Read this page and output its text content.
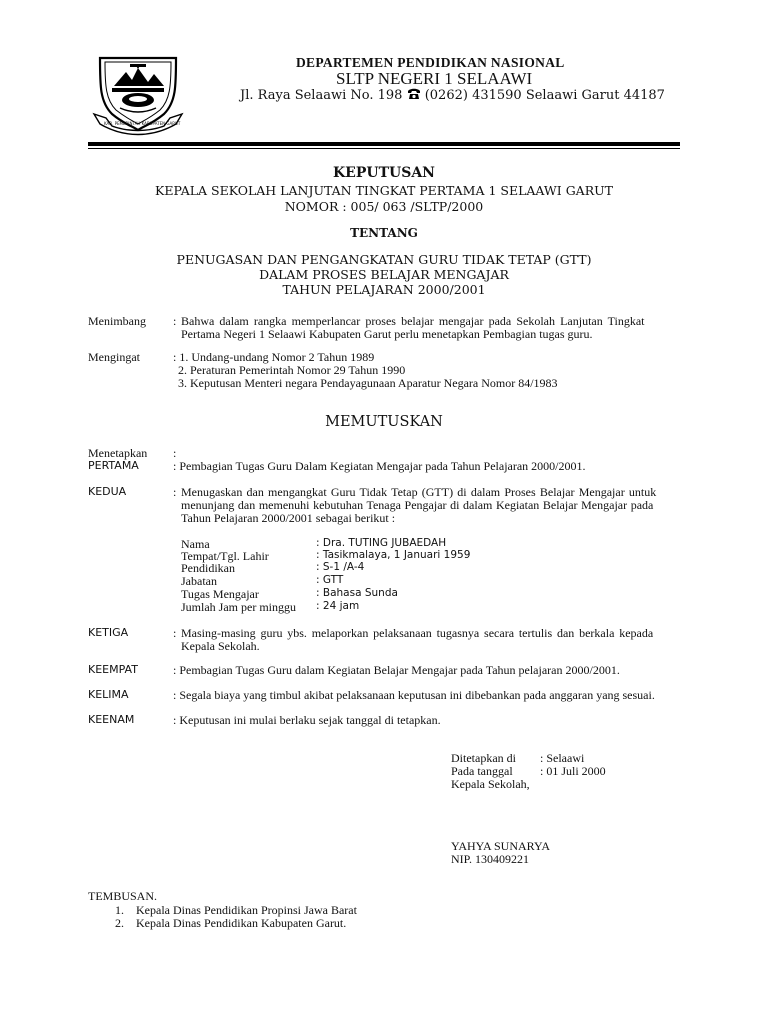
KAB. PEMERINTAH KABUPATEN GARUT
DEPARTEMEN PENDIDIKAN NASIONAL
SLTP NEGERI 1 SELAAWI
Jl. Raya Selaawi No. 198 (0262) 431590 Selaawi Garut 44187
KEPUTUSAN
KEPALA SEKOLAH LANJUTAN TINGKAT PERTAMA 1 SELAAWI GARUT
NOMOR : 005/ 063 /SLTP/2000
TENTANG
PENUGASAN DAN PENGANGKATAN GURU TIDAK TETAP (GTT)
DALAM PROSES BELAJAR MENGAJAR
TAHUN PELAJARAN 2000/2001
Menimbang : Bahwa dalam rangka memperlancar proses belajar mengajar pada Sekolah Lanjutan Tingkat
Pertama Negeri 1 Selaawi Kabupaten Garut perlu menetapkan Pembagian tugas guru.
Mengingat	: 1. Undang-undang Nomor 2 Tahun 1989
2. Peraturan Pemerintah Nomor 29 Tahun 1990
3. Keputusan Menteri negara Pendayagunaan Aparatur Negara Nomor 84/1983
MEMUTUSKAN
Menetapkan :
PERTAMA	: Pembagian Tugas Guru Dalam Kegiatan Mengajar pada Tahun Pelajaran 2000/2001.
KEDUA	: Menugaskan dan mengangkat Guru Tidak Tetap (GTT) di dalam Proses Belajar Mengajar untuk
menunjang dan memenuhi kebutuhan Tenaga Pengajar di dalam Kegiatan Belajar Mengajar pada
Tahun Pelajaran 2000/2001 sebagai berikut :
Nama	: Dra. TUTING JUBAEDAH
Tempat/Tgl. Lahir	: Tasikmalaya, 1 Januari 1959
Pendidikan	: S-1 /A-4
Jabatan	: GTT
Tugas Mengajar	: Bahasa Sunda
Jumlah Jam per minggu : 24 jam
KETIGA	: Masing-masing guru ybs. melaporkan pelaksanaan tugasnya secara tertulis dan berkala kepada
Kepala Sekolah.
KEEMPAT	: Pembagian Tugas Guru dalam Kegiatan Belajar Mengajar pada Tahun pelajaran 2000/2001.
KELIMA	: Segala biaya yang timbul akibat pelaksanaan keputusan ini dibebankan pada anggaran yang sesuai.
KEENAM	: Keputusan ini mulai berlaku sejak tanggal di tetapkan.
Ditetapkan di : Selaawi
Pada tanggal : 01 Juli 2000
Kepala Sekolah,
YAHYA SUNARYA
NIP. 130409221
TEMBUSAN.
1. Kepala Dinas Pendidikan Propinsi Jawa Barat
2. Kepala Dinas Pendidikan Kabupaten Garut.
